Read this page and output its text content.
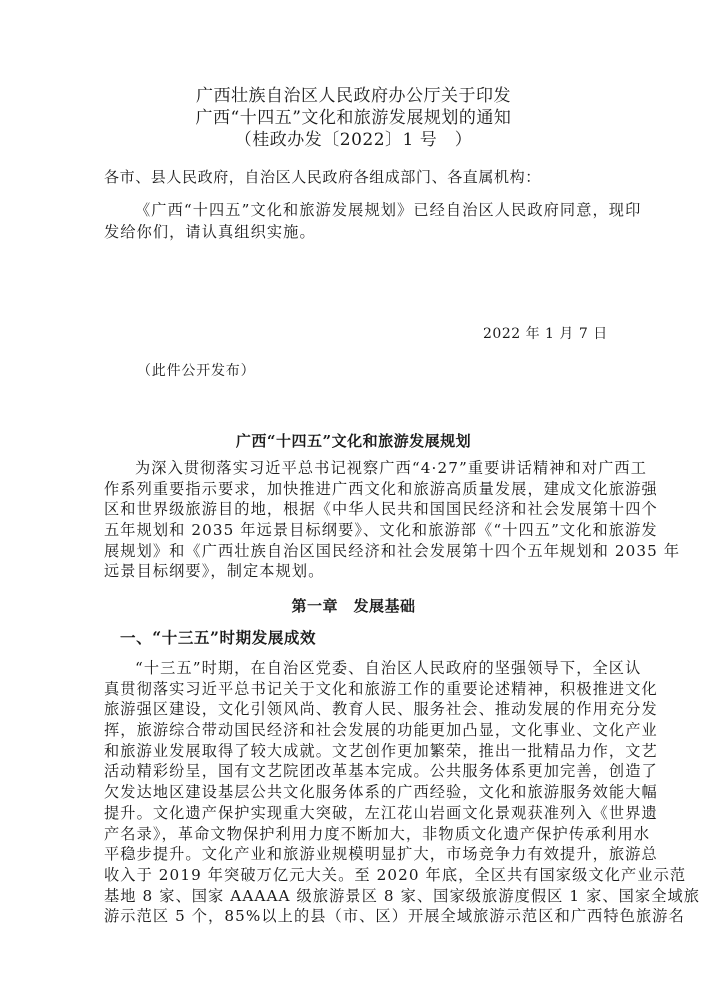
广西壮族自治区人民政府办公厅关于印发
广西“十四五”文化和旅游发展规划的通知
（桂政办发〔2022〕1 号　）
各市、县人民政府，自治区人民政府各组成部门、各直属机构：
《广西“十四五”文化和旅游发展规划》已经自治区人民政府同意，现印
发给你们，请认真组织实施。
2022 年 1 月 7 日
（此件公开发布）
广西“十四五”文化和旅游发展规划
为深入贯彻落实习近平总书记视察广西“4·27”重要讲话精神和对广西工
作系列重要指示要求，加快推进广西文化和旅游高质量发展，建成文化旅游强
区和世界级旅游目的地，根据《中华人民共和国国民经济和社会发展第十四个
五年规划和 2035 年远景目标纲要》、文化和旅游部《“十四五”文化和旅游发
展规划》和《广西壮族自治区国民经济和社会发展第十四个五年规划和 2035 年
远景目标纲要》，制定本规划。
第一章　发展基础
一、“十三五”时期发展成效
“十三五”时期，在自治区党委、自治区人民政府的坚强领导下，全区认
真贯彻落实习近平总书记关于文化和旅游工作的重要论述精神，积极推进文化
旅游强区建设，文化引领风尚、教育人民、服务社会、推动发展的作用充分发
挥，旅游综合带动国民经济和社会发展的功能更加凸显，文化事业、文化产业
和旅游业发展取得了较大成就。文艺创作更加繁荣，推出一批精品力作，文艺
活动精彩纷呈，国有文艺院团改革基本完成。公共服务体系更加完善，创造了
欠发达地区建设基层公共文化服务体系的广西经验，文化和旅游服务效能大幅
提升。文化遗产保护实现重大突破，左江花山岩画文化景观获准列入《世界遗
产名录》，革命文物保护利用力度不断加大，非物质文化遗产保护传承利用水
平稳步提升。文化产业和旅游业规模明显扩大，市场竞争力有效提升，旅游总
收入于 2019 年突破万亿元大关。至 2020 年底，全区共有国家级文化产业示范
基地 8 家、国家 AAAAA 级旅游景区 8 家、国家级旅游度假区 1 家、国家全域旅
游示范区 5 个，85%以上的县（市、区）开展全域旅游示范区和广西特色旅游名
